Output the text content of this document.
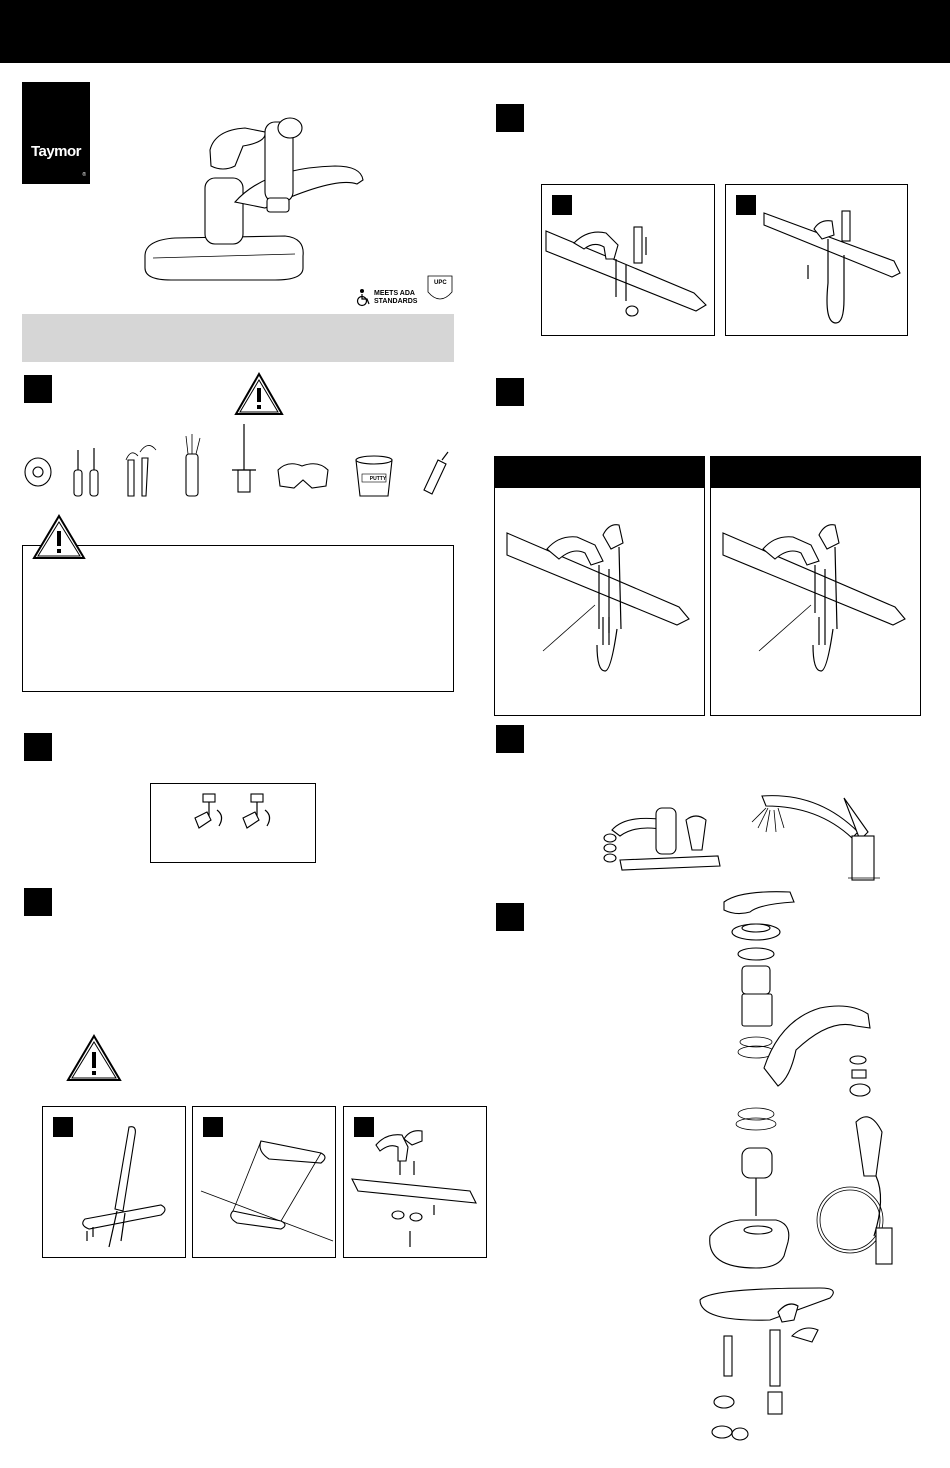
Taymor
®
MEETS ADA
STANDARDS
UPC
PUTTY
